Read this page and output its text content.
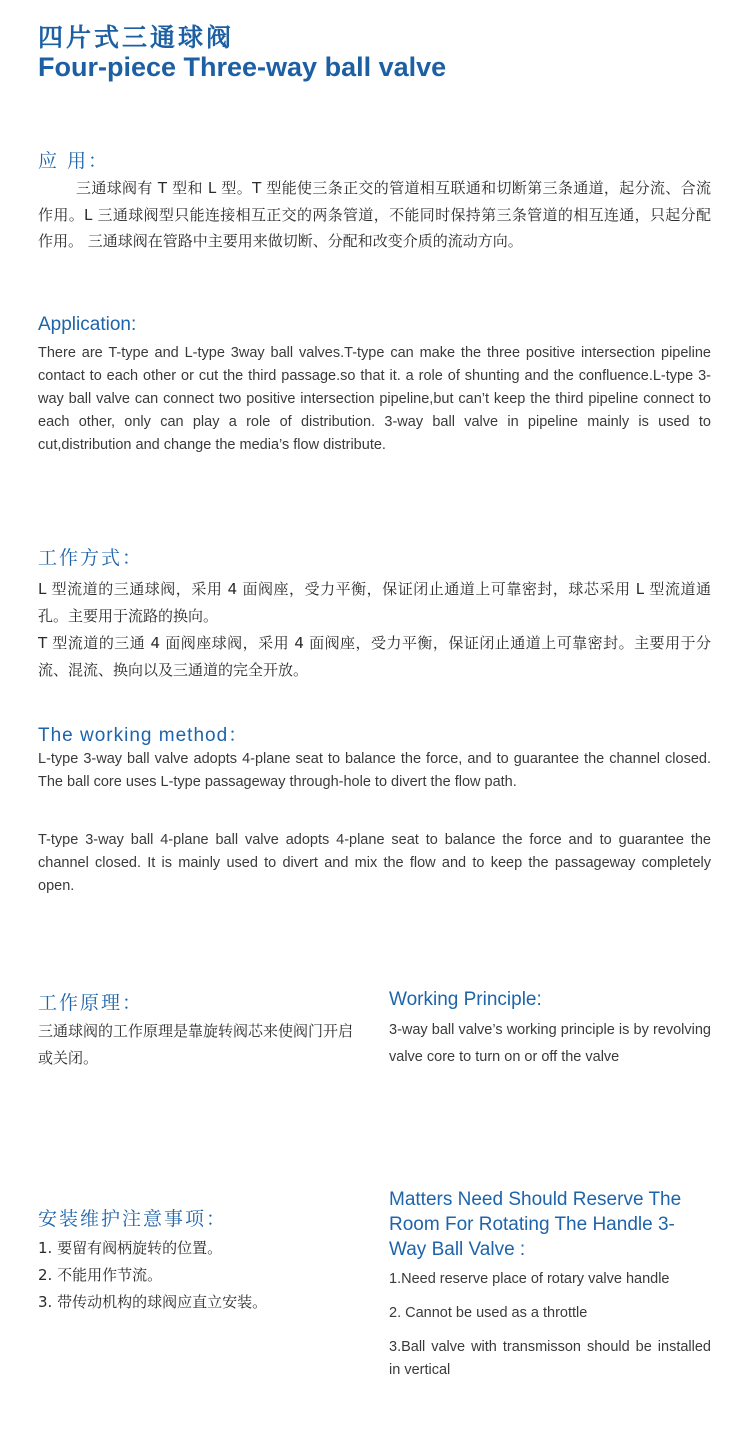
四片式三通球阀
Four-piece Three-way ball valve
应 用：
三通球阀有 T 型和 L 型。T 型能使三条正交的管道相互联通和切断第三条通道，起分流、合流作用。L 三通球阀型只能连接相互正交的两条管道，不能同时保持第三条管道的相互连通，只起分配作用。 三通球阀在管路中主要用来做切断、分配和改变介质的流动方向。
Application:
There are T-type and L-type 3way ball valves.T-type can make the three positive intersection pipeline contact to each other or cut the third passage.so that it. a role of shunting and the confluence.L-type 3-way ball valve can connect two positive intersection pipeline,but can’t keep the third pipeline connect to each other, only can play a role of distribution. 3-way ball valve in pipeline mainly is used to cut,distribution and change the media’s flow distribute.
工作方式：
L 型流道的三通球阀，采用 4 面阀座，受力平衡，保证闭止通道上可靠密封，球芯采用 L 型流道通孔。主要用于流路的换向。
T 型流道的三通 4 面阀座球阀，采用 4 面阀座，受力平衡，保证闭止通道上可靠密封。主要用于分流、混流、换向以及三通道的完全开放。
The working method：
L-type 3-way ball valve adopts 4-plane seat to balance the force, and to guarantee the channel closed. The ball core uses L-type passageway through-hole to divert the flow path.
T-type 3-way ball 4-plane ball valve adopts 4-plane seat to balance the force and to guarantee the channel closed. It is mainly used to divert and mix the flow and to keep the passageway completely open.
工作原理：
三通球阀的工作原理是靠旋转阀芯来使阀门开启或关闭。
Working Principle:
3-way ball valve’s working principle is by revolving valve core to turn on or off the valve
安装维护注意事项：
1. 要留有阀柄旋转的位置。
2. 不能用作节流。
3. 带传动机构的球阀应直立安装。
Matters Need Should Reserve The Room For Rotating The Handle 3-Way Ball Valve :
1.Need reserve place of rotary valve handle
2. Cannot be used as a throttle
3.Ball valve with transmisson should be installed in vertical
